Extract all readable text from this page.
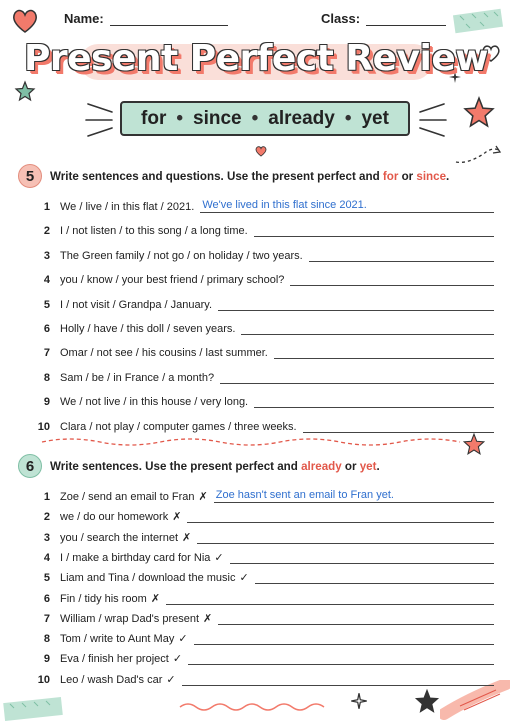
Name:	Class:
Present Perfect Review
for • since • already • yet
5	Write sentences and questions. Use the present perfect and for or since.
1 We / live / in this flat / 2021. We've lived in this flat since 2021.
2 I / not listen / to this song / a long time.
3 The Green family / not go / on holiday / two years.
4 you / know / your best friend / primary school?
5 I / not visit / Grandpa / January.
6 Holly / have / this doll / seven years.
7 Omar / not see / his cousins / last summer.
8 Sam / be / in France / a month?
9 We / not live / in this house / very long.
10 Clara / not play / computer games / three weeks.
6	Write sentences. Use the present perfect and already or yet.
1 Zoe / send an email to Fran ✗ Zoe hasn't sent an email to Fran yet.
2 we / do our homework ✗
3 you / search the internet ✗
4 I / make a birthday card for Nia ✓
5 Liam and Tina / download the music ✓
6 Fin / tidy his room ✗
7 William / wrap Dad's present ✗
8 Tom / write to Aunt May ✓
9 Eva / finish her project ✓
10 Leo / wash Dad's car ✓
